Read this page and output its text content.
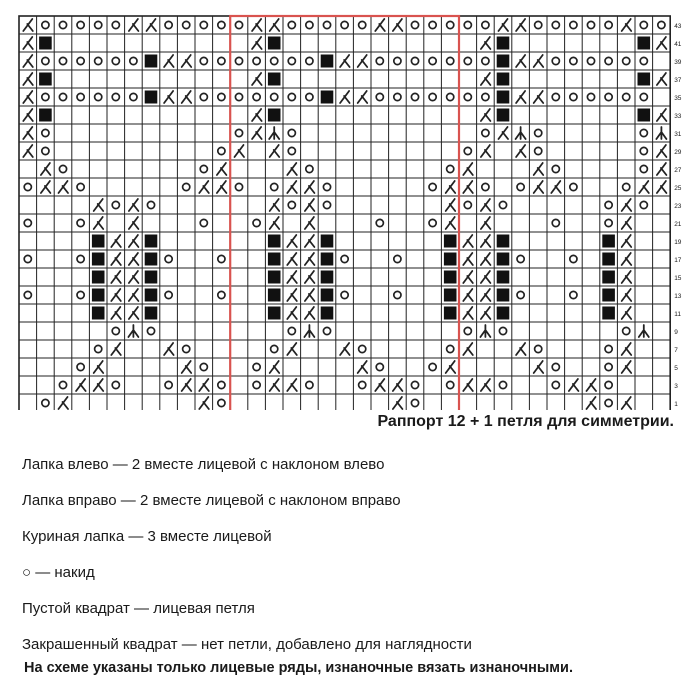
43
41
39
37
35
33
31
29
27
25
23
21
19
17
15
13
11
9
7
5
3
1
Раппорт 12 + 1 петля для симметрии.
Лапка влево — 2 вместе лицевой с наклоном влево
Лапка вправо — 2 вместе лицевой с наклоном вправо
Куриная лапка — 3 вместе лицевой
○ — накид
Пустой квадрат — лицевая петля
Закрашенный квадрат — нет петли, добавлено для наглядности
На схеме указаны только лицевые ряды, изнаночные вязать изнаночными.
